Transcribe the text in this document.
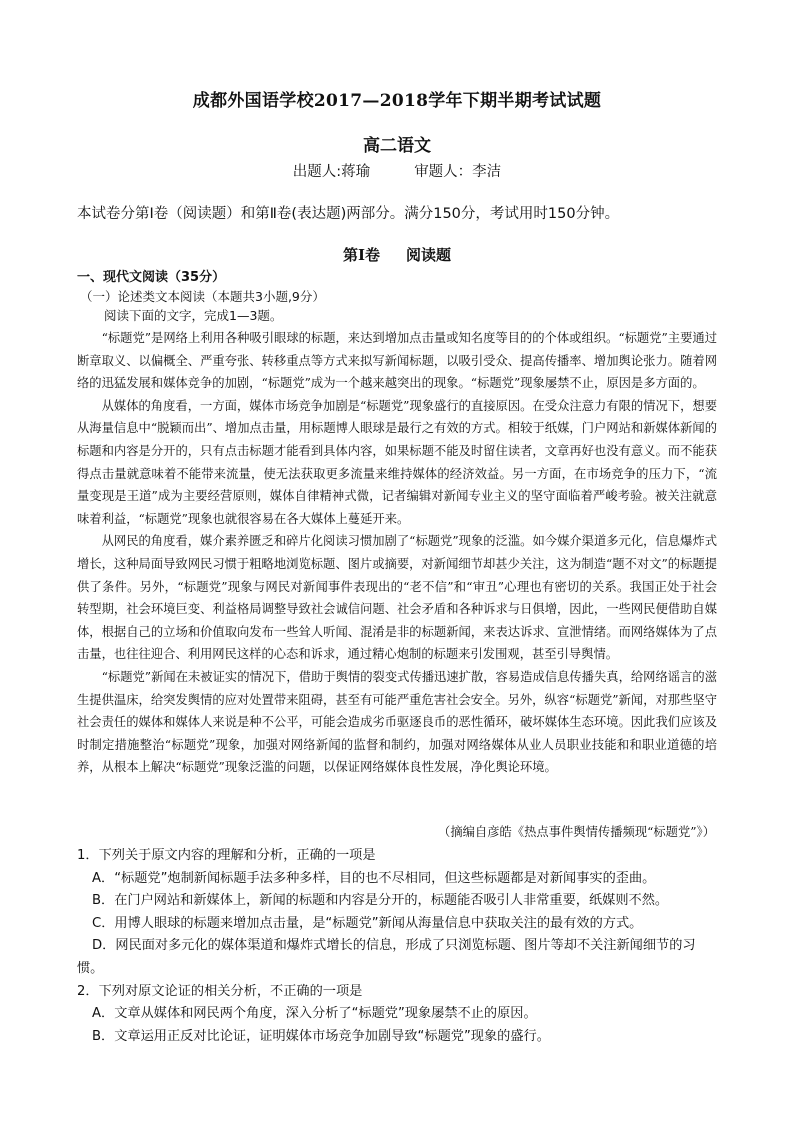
成都外国语学校2017—2018学年下期半期考试试题
高二语文
出题人:蒋瑜	审题人：李洁
本试卷分第Ⅰ卷（阅读题）和第Ⅱ卷(表达题)两部分。满分150分，考试用时150分钟。
第Ⅰ卷 阅读题
一、现代文阅读（35分）
（一）论述类文本阅读（本题共3小题,9分）
阅读下面的文字，完成1—3题。

“标题党”是网络上利用各种吸引眼球的标题，来达到增加点击量或知名度等目的的个体或组织。“标题党”主要通过断章取义、以偏概全、严重夸张、转移重点等方式来拟写新闻标题，以吸引受众、提高传播率、增加舆论张力。随着网络的迅猛发展和媒体竞争的加剧，“标题党”成为一个越来越突出的现象。“标题党”现象屡禁不止，原因是多方面的。

从媒体的角度看，一方面，媒体市场竞争加剧是“标题党”现象盛行的直接原因。在受众注意力有限的情况下，想要从海量信息中“脱颖而出”、增加点击量，用标题博人眼球是最行之有效的方式。相较于纸媒，门户网站和新媒体新闻的标题和内容是分开的，只有点击标题才能看到具体内容，如果标题不能及时留住读者，文章再好也没有意义。而不能获得点击量就意味着不能带来流量，使无法获取更多流量来维持媒体的经济效益。另一方面，在市场竞争的压力下，“流量变现是王道”成为主要经营原则，媒体自律精神式微，记者编辑对新闻专业主义的坚守面临着严峻考验。被关注就意味着利益，“标题党”现象也就很容易在各大媒体上蔓延开来。

从网民的角度看，媒介素养匮乏和碎片化阅读习惯加剧了“标题党”现象的泛滥。如今媒介渠道多元化，信息爆炸式增长，这种局面导致网民习惯于粗略地浏览标题、图片或摘要，对新闻细节却甚少关注，这为制造“题不对文”的标题提供了条件。另外，“标题党”现象与网民对新闻事件表现出的“老不信”和“审丑”心理也有密切的关系。我国正处于社会转型期，社会环境巨变、利益格局调整导致社会诚信问题、社会矛盾和各种诉求与日俱增，因此，一些网民便借助自媒体，根据自己的立场和价值取向发布一些耸人听闻、混淆是非的标题新闻，来表达诉求、宣泄情绪。而网络媒体为了点击量，也往往迎合、利用网民这样的心态和诉求，通过精心炮制的标题来引发围观，甚至引导舆情。

“标题党”新闻在未被证实的情况下，借助于舆情的裂变式传播迅速扩散，容易造成信息传播失真，给网络谣言的滋生提供温床，给突发舆情的应对处置带来阻碍，甚至有可能严重危害社会安全。另外，纵容“标题党”新闻，对那些坚守社会责任的媒体和媒体人来说是种不公平，可能会造成劣币驱逐良币的恶性循环，破坏媒体生态环境。因此我们应该及时制定措施整治“标题党”现象，加强对网络新闻的监督和制约，加强对网络媒体从业人员职业技能和和职业道德的培养，从根本上解决“标题党”现象泛滥的问题，以保证网络媒体良性发展，净化舆论环境。

（摘编自彦皓《热点事件舆情传播频现“标题党”》）

1．下列关于原文内容的理解和分析，正确的一项是

A．“标题党”炮制新闻标题手法多种多样，目的也不尽相同，但这些标题都是对新闻事实的歪曲。

B．在门户网站和新媒体上，新闻的标题和内容是分开的，标题能否吸引人非常重要，纸媒则不然。

C．用博人眼球的标题来增加点击量，是“标题党”新闻从海量信息中获取关注的最有效的方式。

D．网民面对多元化的媒体渠道和爆炸式增长的信息，形成了只浏览标题、图片等却不关注新闻细节的习惯。

2．下列对原文论证的相关分析，不正确的一项是

A．文章从媒体和网民两个角度，深入分析了“标题党”现象屡禁不止的原因。

B．文章运用正反对比论证，证明媒体市场竞争加剧导致“标题党”现象的盛行。
